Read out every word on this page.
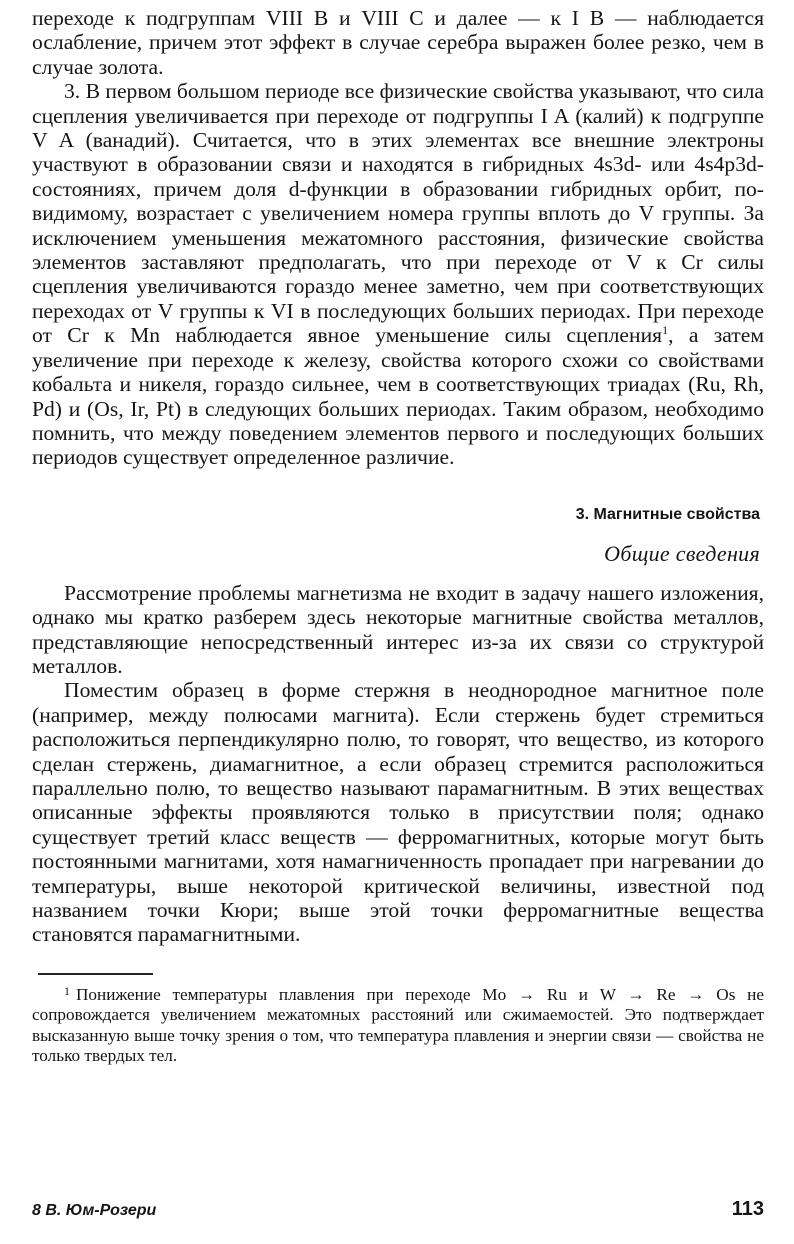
переходе к подгруппам VIII B и VIII C и далее — к I B — наблюдается ослабление, причем этот эффект в случае серебра выражен более резко, чем в случае золота.

3. В первом большом периоде все физические свойства указывают, что сила сцепления увеличивается при переходе от подгруппы I A (калий) к подгруппе V A (ванадий). Считается, что в этих элементах все внешние электроны участвуют в образовании связи и находятся в гибридных 4s3d- или 4s4p3d-состояниях, причем доля d-функции в образовании гибридных орбит, по-видимому, возрастает с увеличением номера группы вплоть до V группы. За исключением уменьшения межатомного расстояния, физические свойства элементов заставляют предполагать, что при переходе от V к Cr силы сцепления увеличиваются гораздо менее заметно, чем при соответствующих переходах от V группы к VI в последующих больших периодах. При переходе от Cr к Mn наблюдается явное уменьшение силы сцепления$^1$, а затем увеличение при переходе к железу, свойства которого схожи со свойствами кобальта и никеля, гораздо сильнее, чем в соответствующих триадах (Ru, Rh, Pd) и (Os, Ir, Pt) в следующих больших периодах. Таким образом, необходимо помнить, что между поведением элементов первого и последующих больших периодов существует определенное различие.

3. Магнитные свойства
Общие сведения

Рассмотрение проблемы магнетизма не входит в задачу нашего изложения, однако мы кратко разберем здесь некоторые магнитные свойства металлов, представляющие непосредственный интерес из-за их связи со структурой металлов.

Поместим образец в форме стержня в неоднородное магнитное поле (например, между полюсами магнита). Если стержень будет стремиться расположиться перпендикулярно полю, то говорят, что вещество, из которого сделан стержень, диамагнитное, а если образец стремится расположиться параллельно полю, то вещество называют парамагнитным. В этих веществах описанные эффекты проявляются только в присутствии поля; однако существует третий класс веществ — ферромагнитных, которые могут быть постоянными магнитами, хотя намагниченность пропадает при нагревании до температуры, выше некоторой критической величины, известной под названием точки Кюри; выше этой точки ферромагнитные вещества становятся парамагнитными.

$^1$ Понижение температуры плавления при переходе Mo → Ru и W → Re → Os не сопровождается увеличением межатомных расстояний или сжимаемостей. Это подтверждает высказанную выше точку зрения о том, что температура плавления и энергии связи — свойства не только твердых тел.

8 В. Юм-Розери	113
